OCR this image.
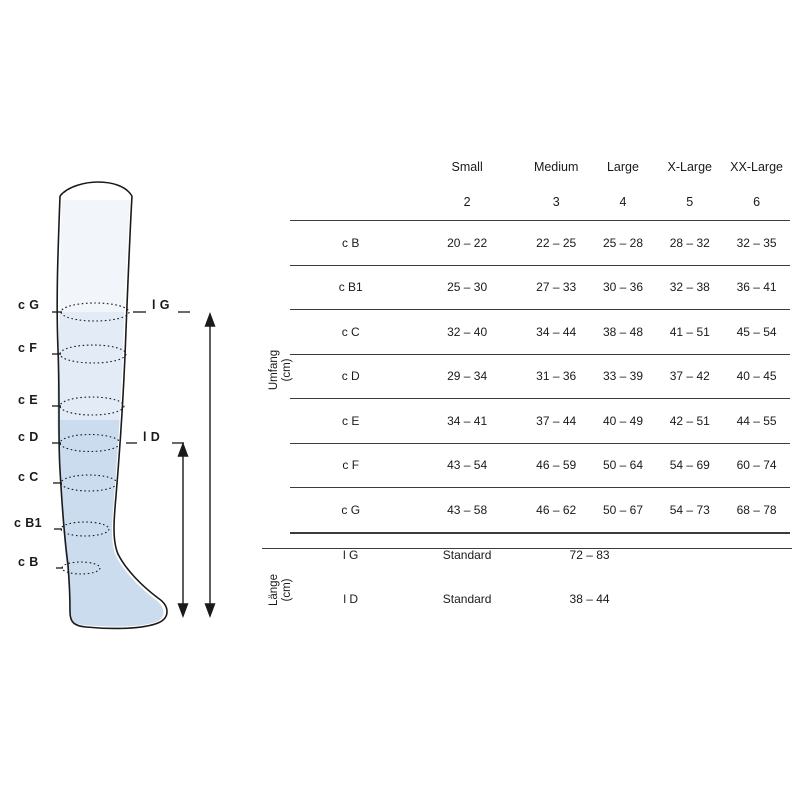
c G
c F
c E
c D
c C
c B1
c B
l G
l D
Umfang
(cm)
Länge
(cm)
	Small	Medium	Large	X-Large	XX-Large
	2	3	4	5	6
c B	20 – 22	22 – 25	25 – 28	28 – 32	32 – 35
c B1	25 – 30	27 – 33	30 – 36	32 – 38	36 – 41
c C	32 – 40	34 – 44	38 – 48	41 – 51	45 – 54
c D	29 – 34	31 – 36	33 – 39	37 – 42	40 – 45
c E	34 – 41	37 – 44	40 – 49	42 – 51	44 – 55
c F	43 – 54	46 – 59	50 – 64	54 – 69	60 – 74
c G	43 – 58	46 – 62	50 – 67	54 – 73	68 – 78
l G	Standard	72 – 83			
l D	Standard	38 – 44			
